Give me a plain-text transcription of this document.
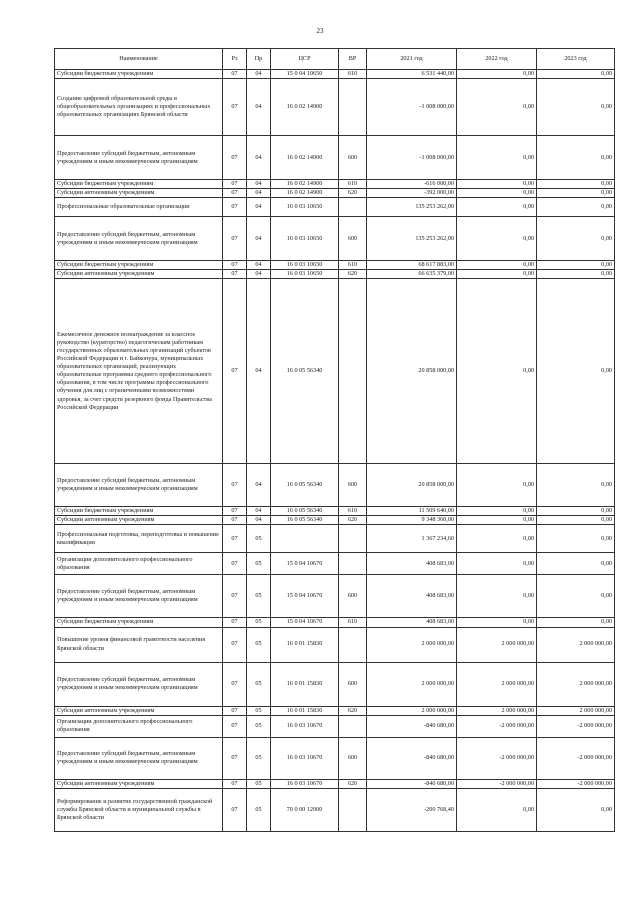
23
Наименование	Рз	Пр	ЦСР	ВР	2021 год	2022 год	2023 год
Субсидии бюджетным учреждениям	07	04	15 0 04 10650	610	6 531 440,00	0,00	0,00
Создание цифровой образовательной среды в общеобразовательных организациях и профессиональных образовательных организациях Брянской области	07	04	16 0 02 14900		-1 008 000,00	0,00	0,00
Предоставление субсидий бюджетным, автономным учреждениям и иным некоммерческим организациям	07	04	16 0 02 14900	600	-1 008 000,00	0,00	0,00
Субсидии бюджетным учреждениям	07	04	16 0 02 14900	610	-616 000,00	0,00	0,00
Субсидии автономным учреждениям	07	04	16 0 02 14900	620	-392 000,00	0,00	0,00
Профессиональные образовательные организации	07	04	16 0 03 10650		135 253 262,00	0,00	0,00
Предоставление субсидий бюджетным, автономным учреждениям и иным некоммерческим организациям	07	04	16 0 03 10650	600	135 253 262,00	0,00	0,00
Субсидии бюджетным учреждениям	07	04	16 0 03 10650	610	68 617 883,00	0,00	0,00
Субсидии автономным учреждениям	07	04	16 0 03 10650	620	66 635 379,00	0,00	0,00
Ежемесячное денежное вознаграждение за классное руководство (кураторство) педагогическим работникам государственных образовательных организаций субъектов Российской Федерации и г. Байконура, муниципальных образовательных организаций, реализующих образовательные программы среднего профессионального образования, в том числе программы профессионального обучения для лиц с ограниченными возможностями здоровья, за счет средств резервного фонда Правительства Российской Федерации	07	04	16 0 05 56340		20 858 000,00	0,00	0,00
Предоставление субсидий бюджетным, автономным учреждениям и иным некоммерческим организациям	07	04	16 0 05 56340	600	20 858 000,00	0,00	0,00
Субсидии бюджетным учреждениям	07	04	16 0 05 56340	610	11 509 640,00	0,00	0,00
Субсидии автономным учреждениям	07	04	16 0 05 56340	620	9 348 360,00	0,00	0,00
Профессиональная подготовка, переподготовка и повышение квалификации	07	05			1 367 234,60	0,00	0,00
Организации дополнительного профессионального образования	07	05	15 0 04 10670		408 683,00	0,00	0,00
Предоставление субсидий бюджетным, автономным учреждениям и иным некоммерческим организациям	07	05	15 0 04 10670	600	408 683,00	0,00	0,00
Субсидии бюджетным учреждениям	07	05	15 0 04 10670	610	408 683,00	0,00	0,00
Повышение уровня финансовой грамотности населения Брянской области	07	05	16 0 01 15830		2 000 000,00	2 000 000,00	2 000 000,00
Предоставление субсидий бюджетным, автономным учреждениям и иным некоммерческим организациям	07	05	16 0 01 15830	600	2 000 000,00	2 000 000,00	2 000 000,00
Субсидии автономным учреждениям	07	05	16 0 01 15830	620	2 000 000,00	2 000 000,00	2 000 000,00
Организации дополнительного профессионального образования	07	05	16 0 03 10670		-840 680,00	-2 000 000,00	-2 000 000,00
Предоставление субсидий бюджетным, автономным учреждениям и иным некоммерческим организациям	07	05	16 0 03 10670	600	-840 680,00	-2 000 000,00	-2 000 000,00
Субсидии автономным учреждениям	07	05	16 0 03 10670	620	-840 680,00	-2 000 000,00	-2 000 000,00
Реформирование и развитие государственной гражданской службы Брянской области и муниципальной службы в Брянской области	07	05	70 0 00 12000		-200 768,40	0,00	0,00
